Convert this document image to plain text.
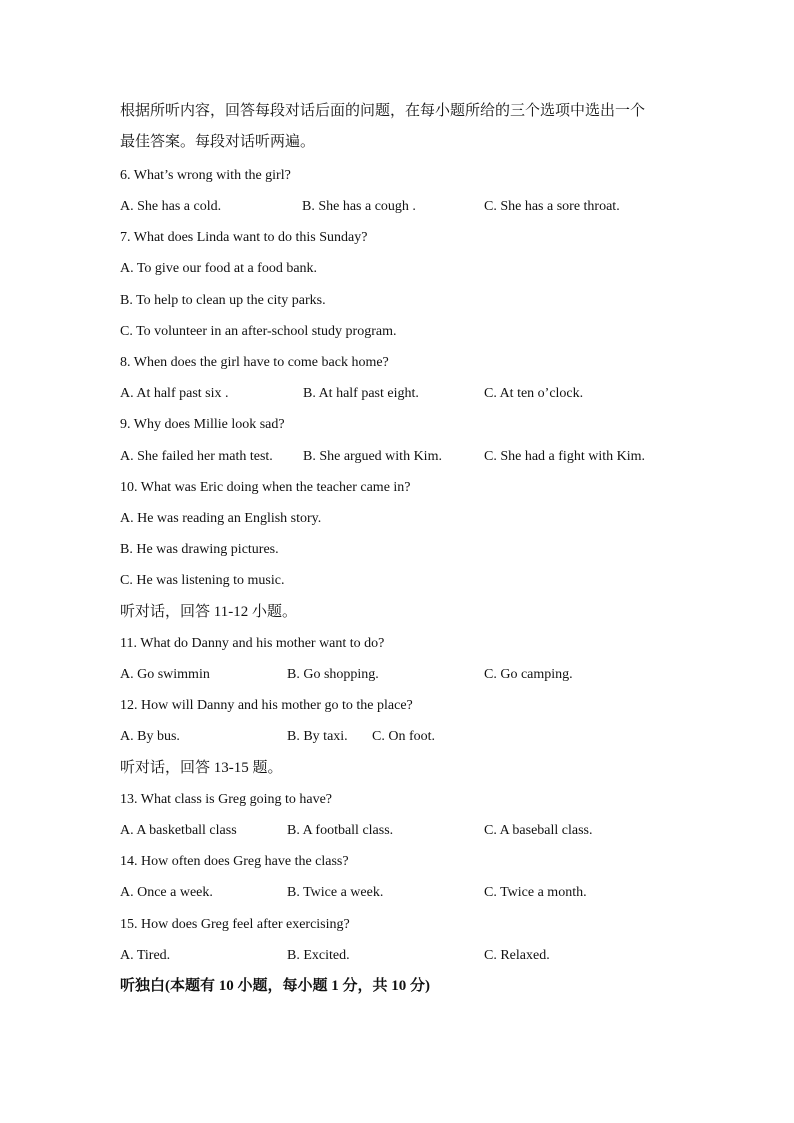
根据所听内容，回答每段对话后面的问题，在每小题所给的三个选项中选出一个
最佳答案。每段对话听两遍。
6. What’s wrong with the girl?
A. She has a cold.	B. She has a cough .	C. She has a sore throat.
7. What does Linda want to do this Sunday?
A. To give our food at a food bank.
B. To help to clean up the city parks.
C. To volunteer in an after-school study program.
8. When does the girl have to come back home?
A. At half past six .	B. At half past eight.	C. At ten o’clock.
9. Why does Millie look sad?
A. She failed her math test. B. She argued with Kim.	C. She had a fight with Kim.
10. What was Eric doing when the teacher came in?
A. He was reading an English story.
B. He was drawing pictures.
C. He was listening to music.
听对话，回答 11-12 小题。
11. What do Danny and his mother want to do?
A. Go swimmin	B. Go shopping.	C. Go camping.
12. How will Danny and his mother go to the place?
A. By bus.	B. By taxi. C. On foot.
听对话，回答 13-15 题。
13. What class is Greg going to have?
A. A basketball class	B. A football class.	C. A baseball class.
14. How often does Greg have the class?
A. Once a week.	B. Twice a week.	C. Twice a month.
15. How does Greg feel after exercising?
A. Tired.	B. Excited.	C. Relaxed.
听独白(本题有 10 小题，每小题 1 分，共 10 分)
